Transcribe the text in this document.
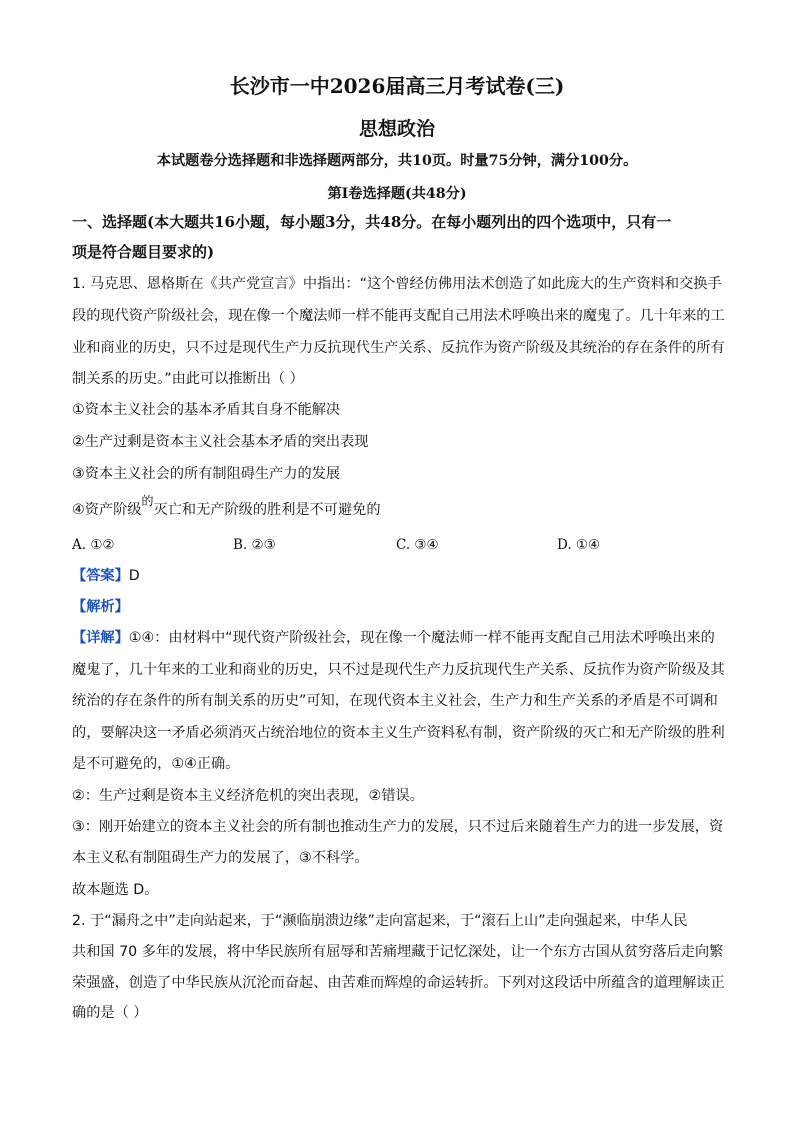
长沙市一中2026届高三月考试卷(三)
思想政治
本试题卷分选择题和非选择题两部分，共10页。时量75分钟，满分100分。
第Ⅰ卷选择题(共48分)
一、选择题(本大题共16小题，每小题3分，共48分。在每小题列出的四个选项中，只有一
项是符合题目要求的)
1. 马克思、恩格斯在《共产党宣言》中指出：“这个曾经仿佛用法术创造了如此庞大的生产资料和交换手
段的现代资产阶级社会，现在像一个魔法师一样不能再支配自己用法术呼唤出来的魔鬼了。几十年来的工
业和商业的历史，只不过是现代生产力反抗现代生产关系、反抗作为资产阶级及其统治的存在条件的所有
制关系的历史。”由此可以推断出（ ）
①资本主义社会的基本矛盾其自身不能解决
②生产过剩是资本主义社会基本矛盾的突出表现
③资本主义社会的所有制阻碍生产力的发展
④资产阶级$^的$灭亡和无产阶级的胜利是不可避免的
A. ①②	B. ②③	C. ③④	D. ①④
【答案】D
【解析】
【详解】①④：由材料中“现代资产阶级社会，现在像一个魔法师一样不能再支配自己用法术呼唤出来的
魔鬼了，几十年来的工业和商业的历史，只不过是现代生产力反抗现代生产关系、反抗作为资产阶级及其
统治的存在条件的所有制关系的历史”可知，在现代资本主义社会，生产力和生产关系的矛盾是不可调和
的，要解决这一矛盾必须消灭占统治地位的资本主义生产资料私有制，资产阶级的灭亡和无产阶级的胜利
是不可避免的，①④正确。
②：生产过剩是资本主义经济危机的突出表现，②错误。
③：刚开始建立的资本主义社会的所有制也推动生产力的发展，只不过后来随着生产力的进一步发展，资
本主义私有制阻碍生产力的发展了，③不科学。
故本题选 D。
2. 于“漏舟之中”走向站起来，于“濒临崩溃边缘”走向富起来，于“滚石上山”走向强起来，中华人民
共和国 70 多年的发展，将中华民族所有屈辱和苦痛埋藏于记忆深处，让一个东方古国从贫穷落后走向繁
荣强盛，创造了中华民族从沉沦而奋起、由苦难而辉煌的命运转折。下列对这段话中所蕴含的道理解读正
确的是（ ）
